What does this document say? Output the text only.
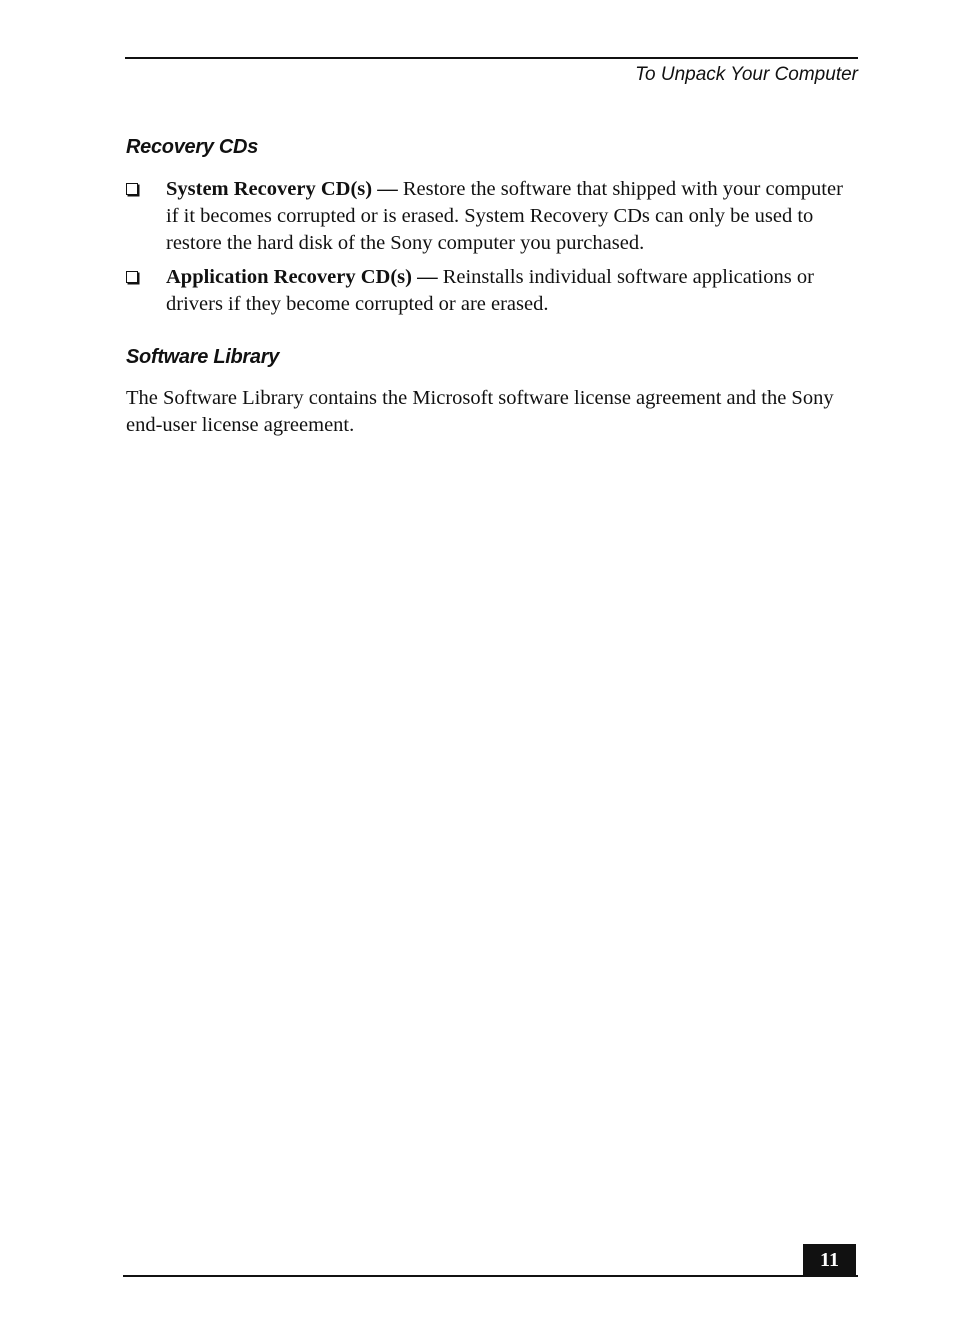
To Unpack Your Computer
Recovery CDs
System Recovery CD(s) — Restore the software that shipped with your computer if it becomes corrupted or is erased. System Recovery CDs can only be used to restore the hard disk of the Sony computer you purchased.
Application Recovery CD(s) — Reinstalls individual software applications or drivers if they become corrupted or are erased.
Software Library

The Software Library contains the Microsoft software license agreement and the Sony end-user license agreement.

11
